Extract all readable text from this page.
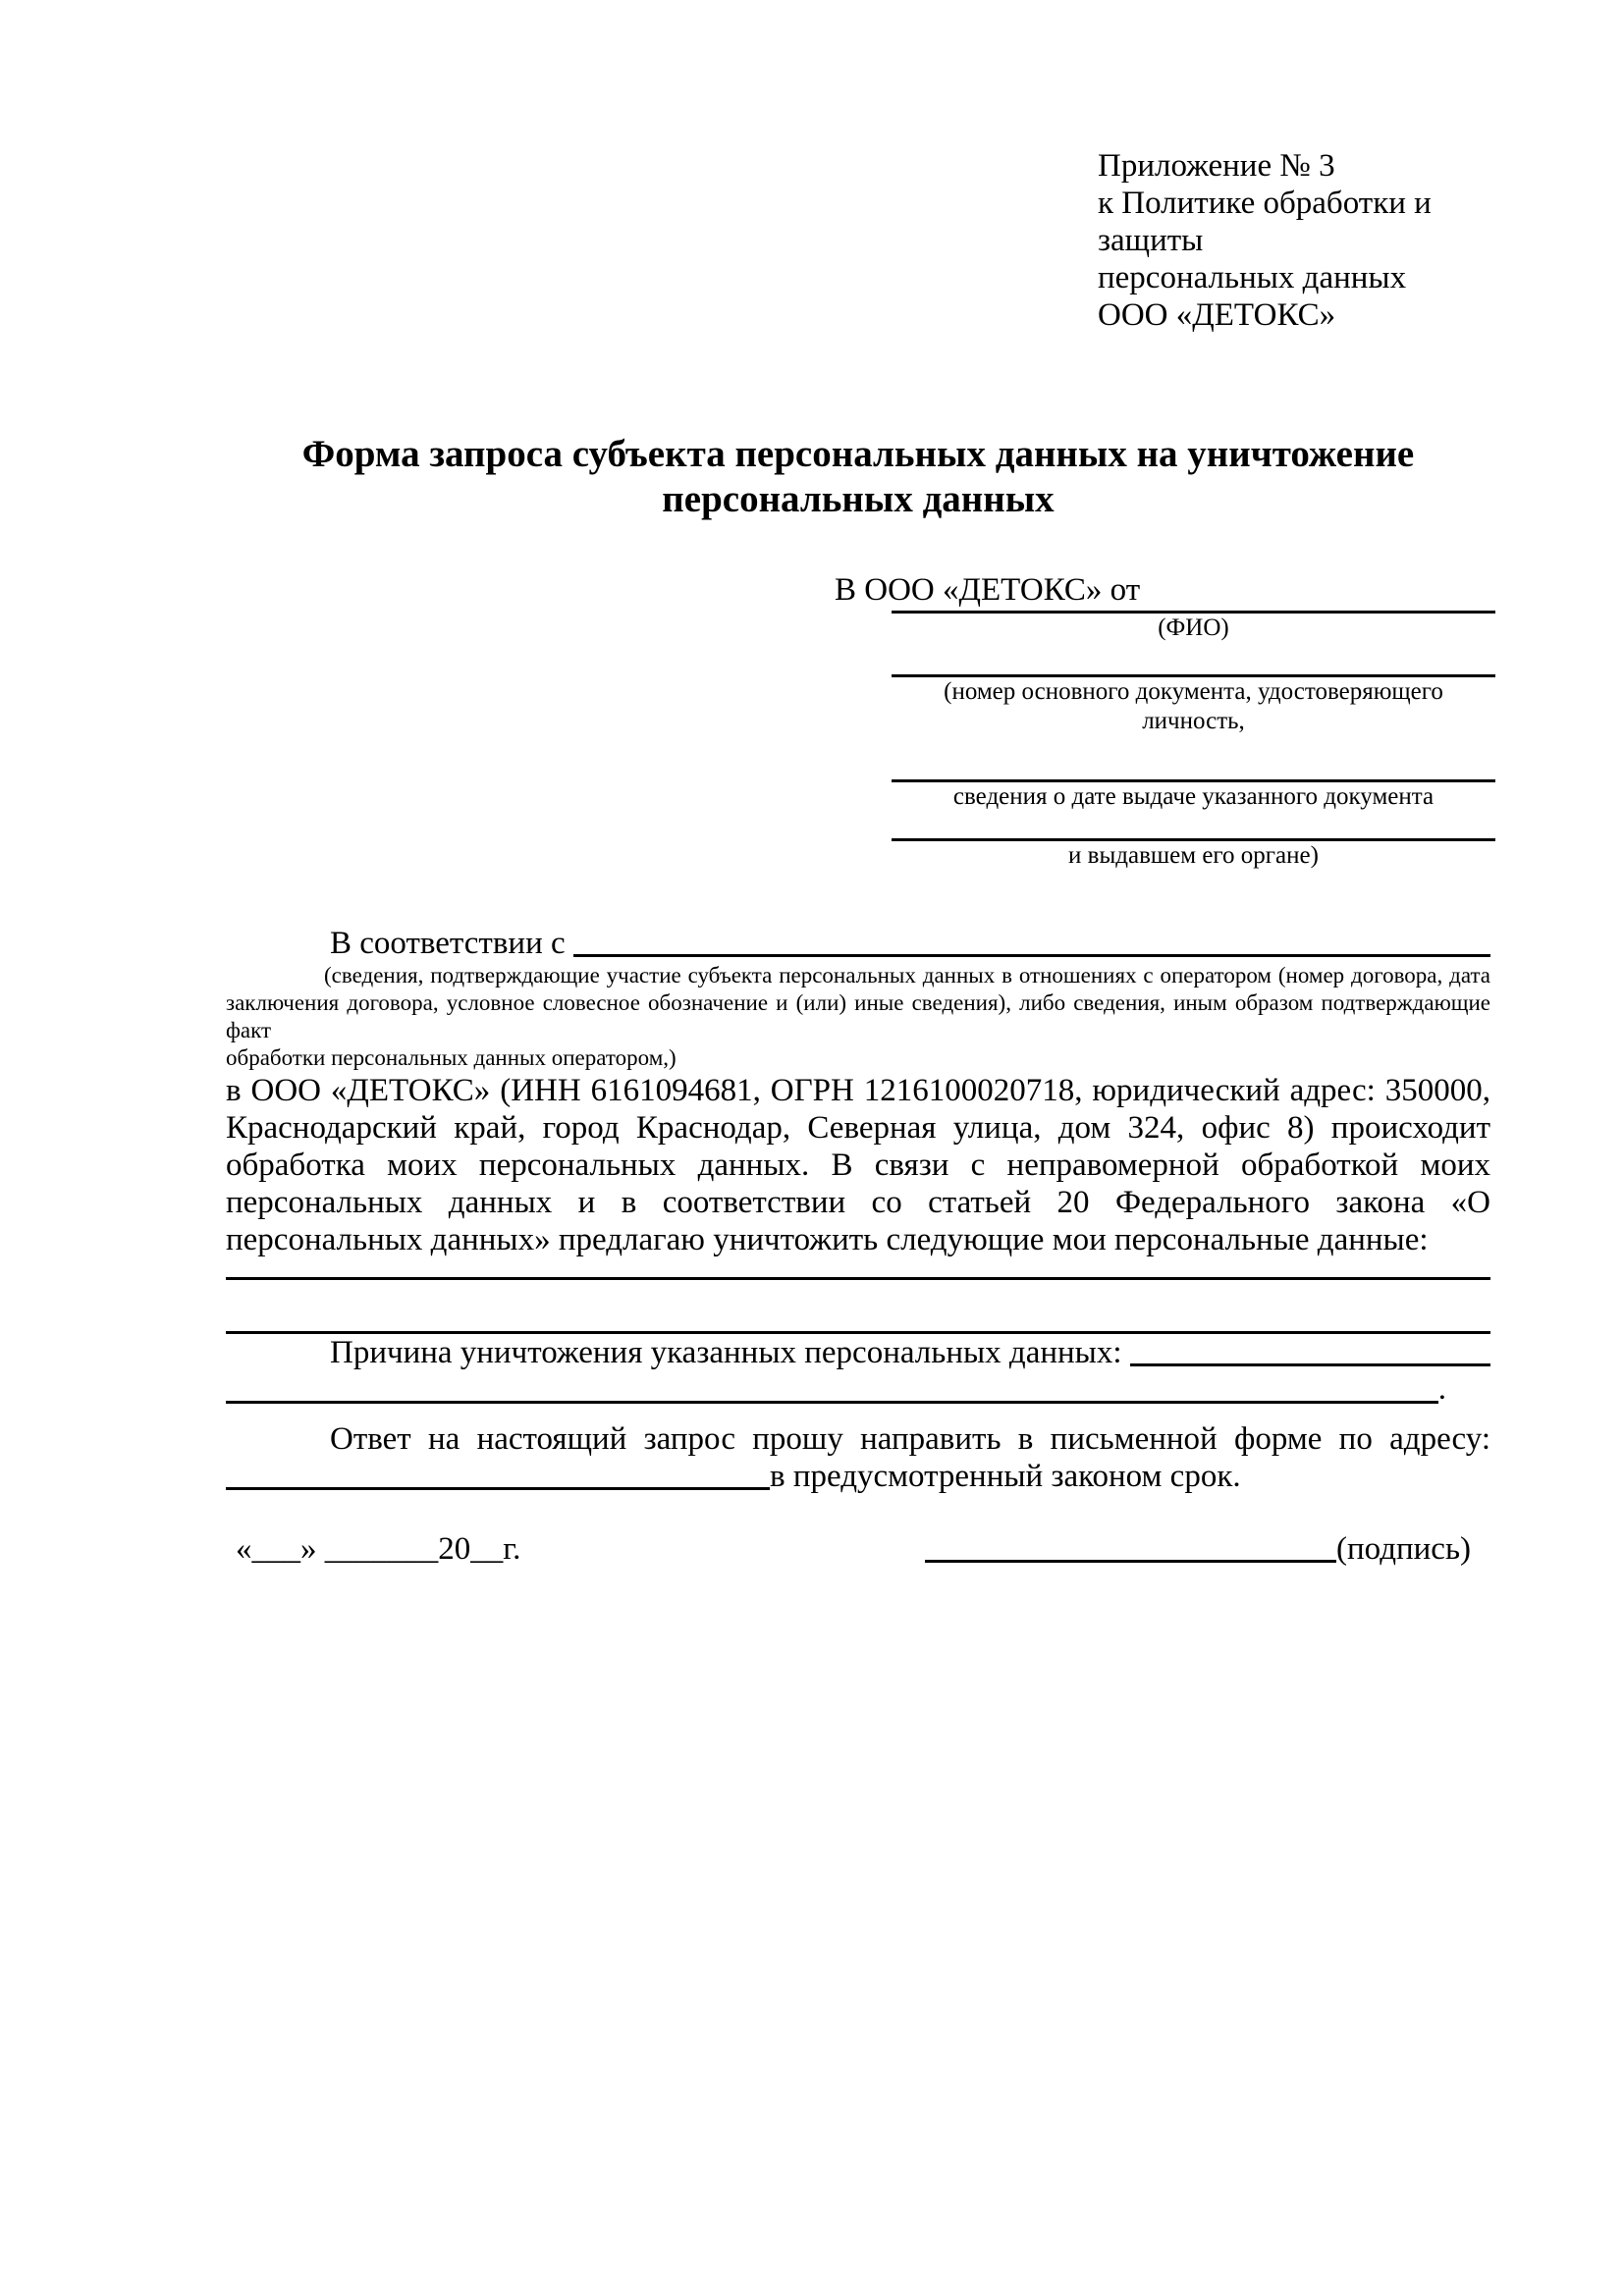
Приложение № 3
к Политике обработки и защиты
персональных данных
ООО «ДЕТОКС»
Форма запроса субъекта персональных данных на уничтожение
персональных данных
В ООО «ДЕТОКС» от
(ФИО)
(номер основного документа, удостоверяющего личность,
сведения о дате выдаче указанного документа
и выдавшем его органе)
В соответствии с
(сведения, подтверждающие участие субъекта персональных данных в отношениях с оператором (номер договора, дата
заключения договора, условное словесное обозначение и (или) иные сведения), либо сведения, иным образом подтверждающие факт
обработки персональных данных оператором,)
в ООО «ДЕТОКС» (ИНН 6161094681, ОГРН 1216100020718, юридический адрес: 350000,
Краснодарский край, город Краснодар, Северная улица, дом 324, офис 8) происходит
обработка моих персональных данных. В связи с неправомерной обработкой моих
персональных данных и в соответствии со статьей 20 Федерального закона «О
персональных данных» предлагаю уничтожить следующие мои персональные данные:
Причина уничтожения указанных персональных данных:
.
Ответ на настоящий запрос прошу направить в письменной форме по адресу:
в предусмотренный законом срок.
«___» _______20__г.	(подпись)
